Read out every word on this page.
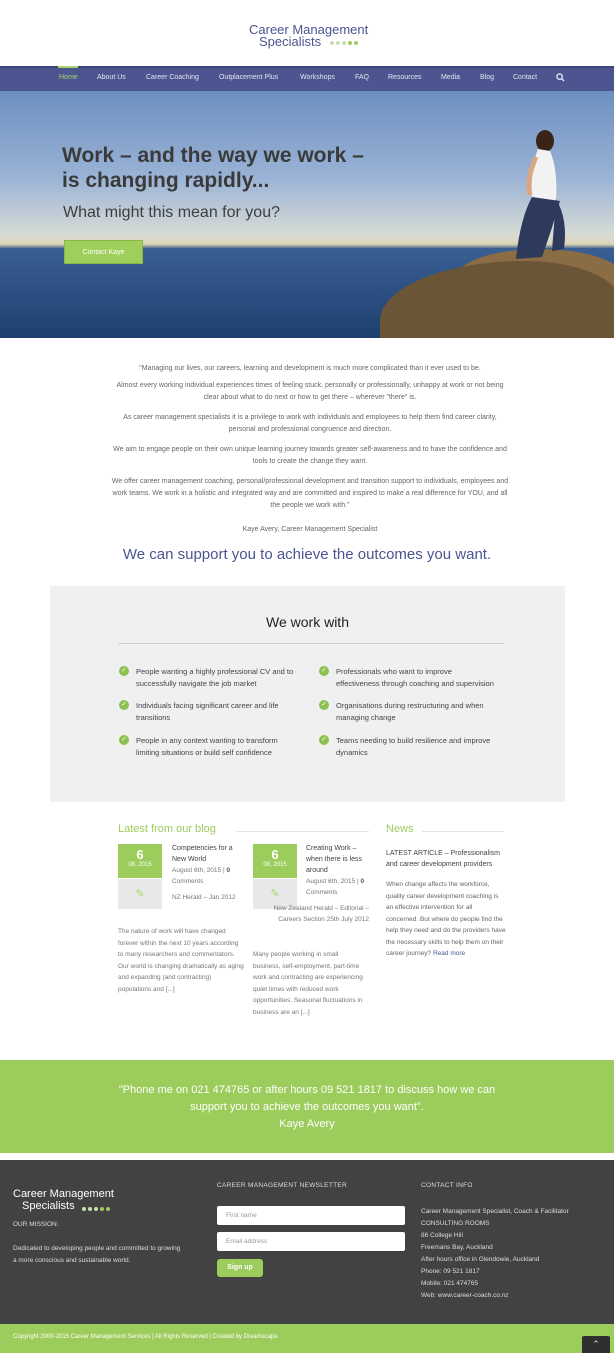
Career Management
Specialists
Home	About Us	Career Coaching	Outplacement Plus	Workshops	FAQ	Resources	Media	Blog	Contact
Work – and the way we work –
is changing rapidly...
What might this mean for you?
Contact Kaye
"Managing our lives, our careers, learning and development is much more complicated than it ever used to be.
Almost every working individual experiences times of feeling stuck, personally or professionally, unhappy at work or not being clear about what to do next or how to get there – wherever "there" is.
As career management specialists it is a privilege to work with individuals and employees to help them find career clarity, personal and professional congruence and direction.
We aim to engage people on their own unique learning journey towards greater self-awareness and to have the confidence and tools to create the change they want.
We offer career management coaching, personal/professional development and transition support to individuals, employees and work teams. We work in a holistic and integrated way and are committed and inspired to make a real difference for YOU, and all the people we work with."
Kaye Avery, Career Management Specialist
We can support you to achieve the outcomes you want.
We work with
✓ People wanting a highly professional CV and to successfully navigate the job market
✓ Professionals who want to improve effectiveness through coaching and supervision
✓ Individuals facing significant career and life transitions
✓ Organisations during restructuring and when managing change
✓ People in any context wanting to transform limiting situations or build self confidence
✓ Teams needing to build resilience and improve dynamics
Latest from our blog	News
6
08, 2015
✎
Competencies for a New World
August 6th, 2015 | 0 Comments
NZ Herald – Jan 2012
The nature of work will have changed forever within the next 10 years according to many researchers and commentators. Our world is changing dramatically as aging and expanding (and contracting) populations and [...]
6
08, 2015
✎
Creating Work – when there is less around
August 6th, 2015 | 0 Comments
New Zealand Herald – Editorial – Careers Section 25th July 2012
Many people working in small business, self-employment, part-time work and contracting are experiencing quiet times with reduced work opportunities. Seasonal fluctuations in business are an [...]
LATEST ARTICLE – Professionalism and career development providers
When change affects the workforce, quality career development coaching is an effective intervention for all concerned. But where do people find the help they need and do the providers have the necessary skills to help them on their career journey? Read more
"Phone me on 021 474765 or after hours 09 521 1817 to discuss how we can
support you to achieve the outcomes you want".
Kaye Avery
Career Management
Specialists
OUR MISSION:
Dedicated to developing people and committed to growing a more conscious and sustainable world.
CAREER MANAGEMENT NEWSLETTER
First name
Email address
Sign up
CONTACT INFO
Career Management Specialist, Coach & Facilitator
CONSULTING ROOMS
86 College Hill
Freemans Bay, Auckland
After hours office in Glendowie, Auckland
Phone: 09 521 1817
Mobile: 021 474765
Web: www.career-coach.co.nz
Copyright 2000-2015 Career Management Services | All Rights Reserved | Created by Dreamscape
⌃
